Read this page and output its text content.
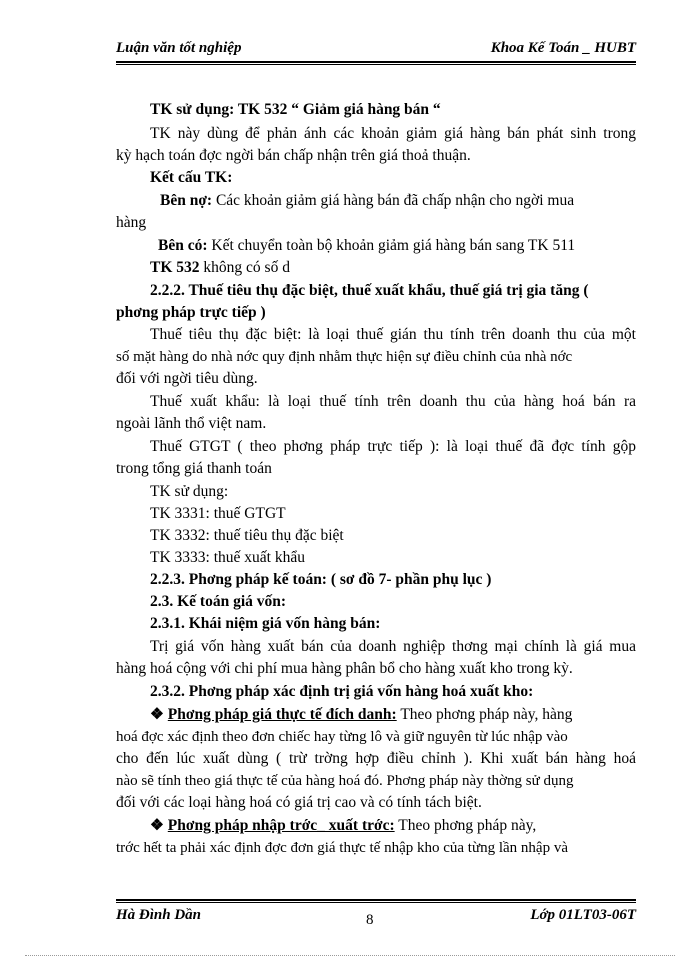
Luận văn tốt nghiệp	Khoa Kế Toán _ HUBT
TK sử dụng: TK 532 “ Giảm giá hàng bán “
TK này dùng để phản ánh các khoản giảm giá hàng bán phát sinh trong
kỳ hạch toán đợc ngời bán chấp nhận trên giá thoả thuận.
Kết cấu TK:
Bên nợ: Các khoản giảm giá hàng bán đã chấp nhận cho ngời mua
hàng
Bên có: Kết chuyển toàn bộ khoản giảm giá hàng bán sang TK 511
TK 532 không có số d
2.2.2. Thuế tiêu thụ đặc biệt, thuế xuất khẩu, thuế giá trị gia tăng (
phơng pháp trực tiếp )
Thuế tiêu thụ đặc biệt: là loại thuế gián thu tính trên doanh thu của một
số mặt hàng do nhà nớc quy định nhằm thực hiện sự điều chỉnh của nhà nớc
đối với ngời tiêu dùng.
Thuế xuất khẩu: là loại thuế tính trên doanh thu của hàng hoá bán ra
ngoài lãnh thổ việt nam.
Thuế GTGT ( theo phơng pháp trực tiếp ): là loại thuế đã đợc tính gộp
trong tổng giá thanh toán
TK sử dụng:
TK 3331: thuế GTGT
TK 3332: thuế tiêu thụ đặc biệt
TK 3333: thuế xuất khẩu
2.2.3. Phơng pháp kế toán: ( sơ đồ 7- phần phụ lục )
2.3. Kế toán giá vốn:
2.3.1. Khái niệm giá vốn hàng bán:
Trị giá vốn hàng xuất bán của doanh nghiệp thơng mại chính là giá mua
hàng hoá cộng với chi phí mua hàng phân bổ cho hàng xuất kho trong kỳ.
2.3.2. Phơng pháp xác định trị giá vốn hàng hoá xuất kho:
❖ Phơng pháp giá thực tế đích danh: Theo phơng pháp này, hàng
hoá đợc xác định theo đơn chiếc hay từng lô và giữ nguyên từ lúc nhập vào
cho đến lúc xuất dùng ( trừ trờng hợp điều chỉnh ). Khi xuất bán hàng hoá
nào sẽ tính theo giá thực tế của hàng hoá đó. Phơng pháp này thờng sử dụng
đối với các loại hàng hoá có giá trị cao và có tính tách biệt.
❖ Phơng pháp nhập trớc_ xuất trớc: Theo phơng pháp này,
trớc hết ta phải xác định đợc đơn giá thực tế nhập kho của từng lần nhập và
Hà Đình Dần	8	Lớp 01LT03-06T
